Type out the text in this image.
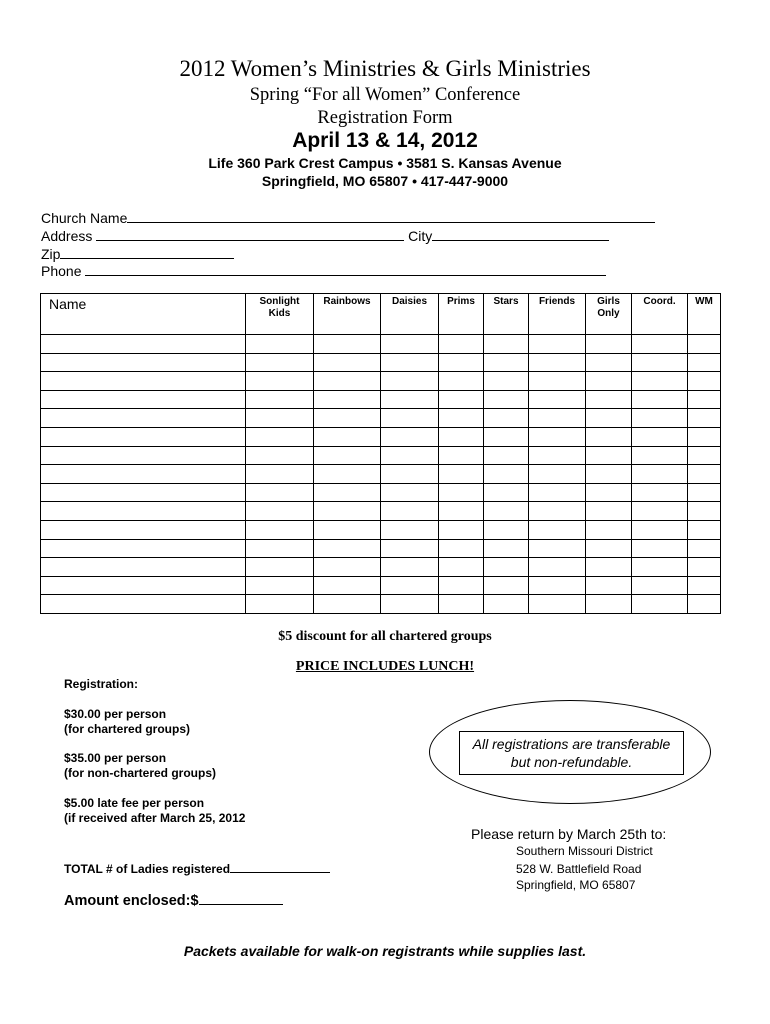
2012 Women’s Ministries & Girls Ministries
Spring “For all Women” Conference
Registration Form
April 13 & 14, 2012
Life 360 Park Crest Campus • 3581 S. Kansas Avenue
Springfield, MO 65807 • 417-447-9000
Church Name
Address	City
Zip
Phone
Name	Sonlight Kids	Rainbows	Daisies	Prims	Stars	Friends	Girls Only	Coord.	WM

$5 discount for all chartered groups
PRICE INCLUDES LUNCH!
Registration:
$30.00 per person
(for chartered groups)
$35.00 per person
(for non-chartered groups)
$5.00 late fee per person
(if received after March 25, 2012
All registrations are transferable
but non-refundable.
Please return by March 25th to:
Southern Missouri District
528 W. Battlefield Road
Springfield, MO 65807
TOTAL # of Ladies registered
Amount enclosed:$
Packets available for walk-on registrants while supplies last.
